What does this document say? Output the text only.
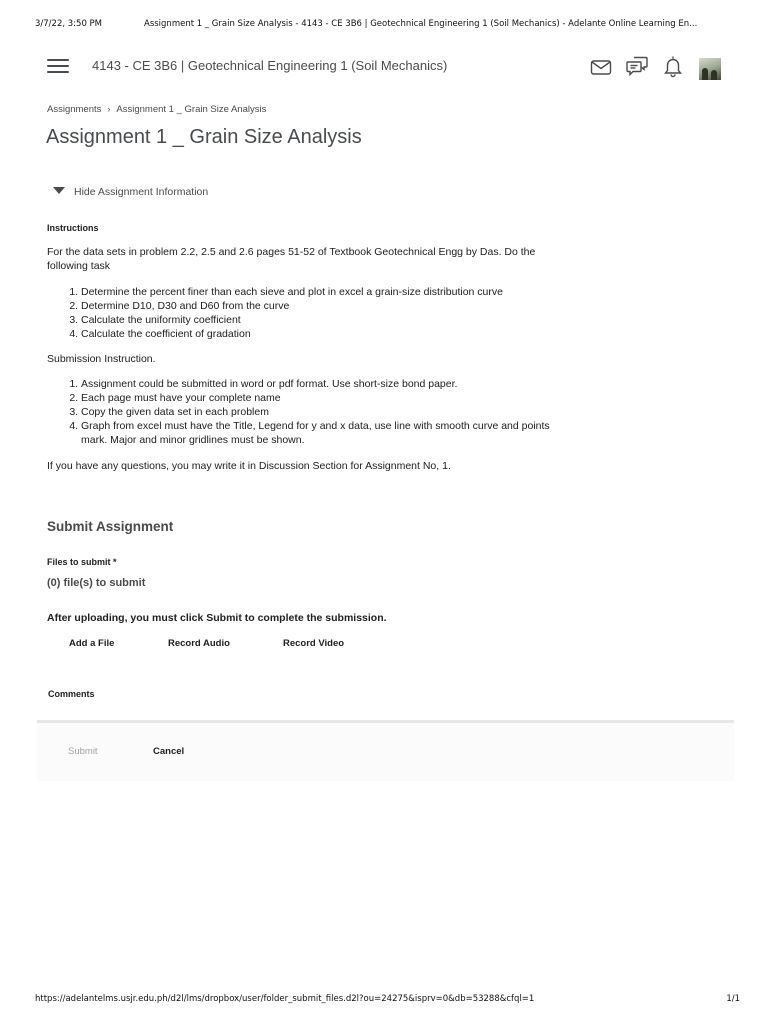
3/7/22, 3:50 PM	Assignment 1 _ Grain Size Analysis - 4143 - CE 3B6 | Geotechnical Engineering 1 (Soil Mechanics) - Adelante Online Learning En...
4143 - CE 3B6 | Geotechnical Engineering 1 (Soil Mechanics)
Assignments › Assignment 1 _ Grain Size Analysis
Assignment 1 _ Grain Size Analysis
Hide Assignment Information
Instructions

For the data sets in problem 2.2, 2.5 and 2.6 pages 51-52 of Textbook Geotechnical Engg by Das. Do the following task

1. Determine the percent finer than each sieve and plot in excel a grain-size distribution curve
2. Determine D10, D30 and D60 from the curve
3. Calculate the uniformity coefficient
4. Calculate the coefficient of gradation

Submission Instruction.

1. Assignment could be submitted in word or pdf format. Use short-size bond paper.
2. Each page must have your complete name
3. Copy the given data set in each problem
4. Graph from excel must have the Title, Legend for y and x data, use line with smooth curve and points mark. Major and minor gridlines must be shown.

If you have any questions, you may write it in Discussion Section for Assignment No, 1.

Submit Assignment
Files to submit *
(0) file(s) to submit
After uploading, you must click Submit to complete the submission.
Add a File	Record Audio	Record Video
Comments
Submit	Cancel
https://adelantelms.usjr.edu.ph/d2l/lms/dropbox/user/folder_submit_files.d2l?ou=24275&isprv=0&db=53288&cfql=1	1/1
